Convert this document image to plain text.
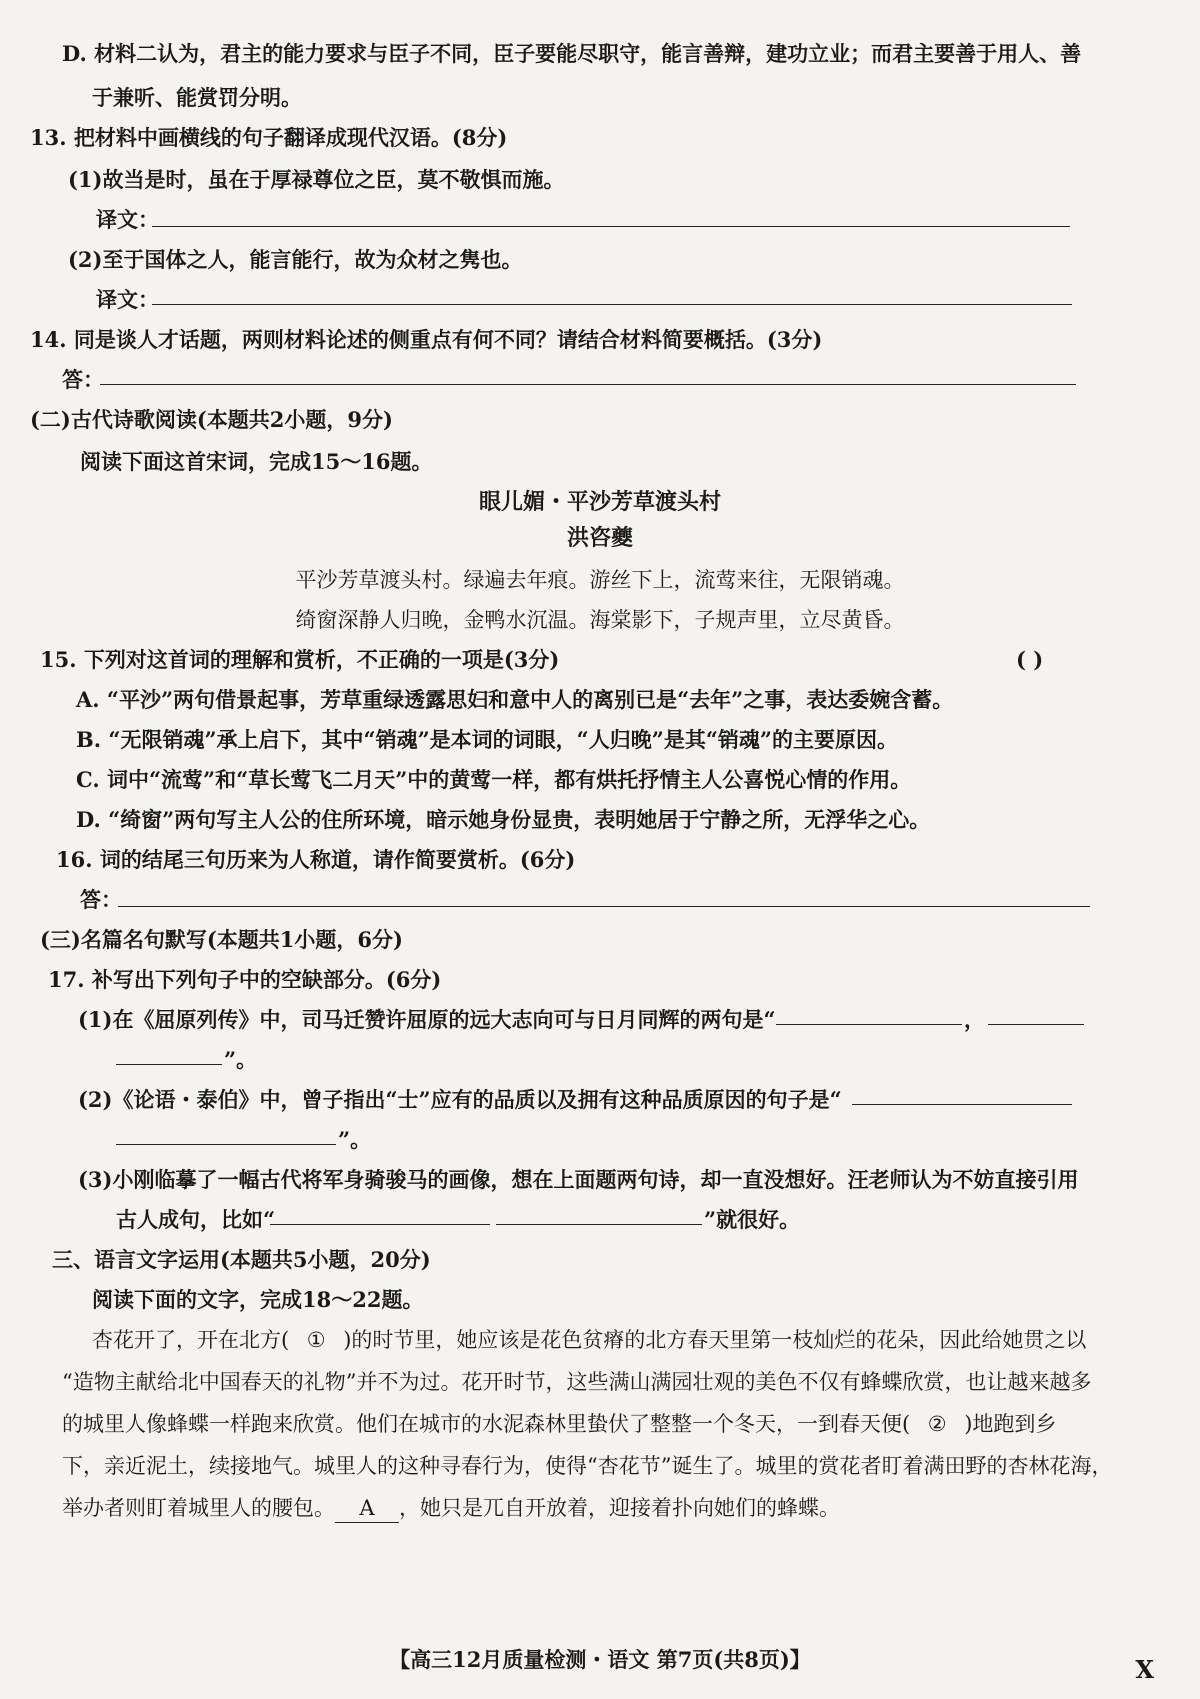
D. 材料二认为，君主的能力要求与臣子不同，臣子要能尽职守，能言善辩，建功立业；而君主要善于用人、善
于兼听、能赏罚分明。
13. 把材料中画横线的句子翻译成现代汉语。(8分)
(1)故当是时，虽在于厚禄尊位之臣，莫不敬惧而施。
译文：
(2)至于国体之人，能言能行，故为众材之隽也。
译文：
14. 同是谈人才话题，两则材料论述的侧重点有何不同？请结合材料简要概括。(3分)
答：
(二)古代诗歌阅读(本题共2小题，9分)
阅读下面这首宋词，完成15～16题。
眼儿媚・平沙芳草渡头村
洪咨夔
平沙芳草渡头村。绿遍去年痕。游丝下上，流莺来往，无限销魂。
绮窗深静人归晚，金鸭水沉温。海棠影下，子规声里，立尽黄昏。
15. 下列对这首词的理解和赏析，不正确的一项是(3分)	( )
A. “平沙”两句借景起事，芳草重绿透露思妇和意中人的离别已是“去年”之事，表达委婉含蓄。
B. “无限销魂”承上启下，其中“销魂”是本词的词眼，“人归晚”是其“销魂”的主要原因。
C. 词中“流莺”和“草长莺飞二月天”中的黄莺一样，都有烘托抒情主人公喜悦心情的作用。
D. “绮窗”两句写主人公的住所环境，暗示她身份显贵，表明她居于宁静之所，无浮华之心。
16. 词的结尾三句历来为人称道，请作简要赏析。(6分)
答：
(三)名篇名句默写(本题共1小题，6分)
17. 补写出下列句子中的空缺部分。(6分)
(1)在《屈原列传》中，司马迁赞许屈原的远大志向可与日月同辉的两句是“	，
”。
(2)《论语・泰伯》中，曾子指出“士”应有的品质以及拥有这种品质原因的句子是“
”。
(3)小刚临摹了一幅古代将军身骑骏马的画像，想在上面题两句诗，却一直没想好。汪老师认为不妨直接引用
古人成句，比如“	”就很好。
三、语言文字运用(本题共5小题，20分)
阅读下面的文字，完成18～22题。
杏花开了，开在北方( ① )的时节里，她应该是花色贫瘠的北方春天里第一枝灿烂的花朵，因此给她贯之以
“造物主献给北中国春天的礼物”并不为过。花开时节，这些满山满园壮观的美色不仅有蜂蝶欣赏，也让越来越多
的城里人像蜂蝶一样跑来欣赏。他们在城市的水泥森林里蛰伏了整整一个冬天，一到春天便( ② )地跑到乡
下，亲近泥土，续接地气。城里人的这种寻春行为，使得“杏花节”诞生了。城里的赏花者盯着满田野的杏林花海，
举办者则盯着城里人的腰包。 A ，她只是兀自开放着，迎接着扑向她们的蜂蝶。
【高三12月质量检测・语文 第7页(共8页)】	X
